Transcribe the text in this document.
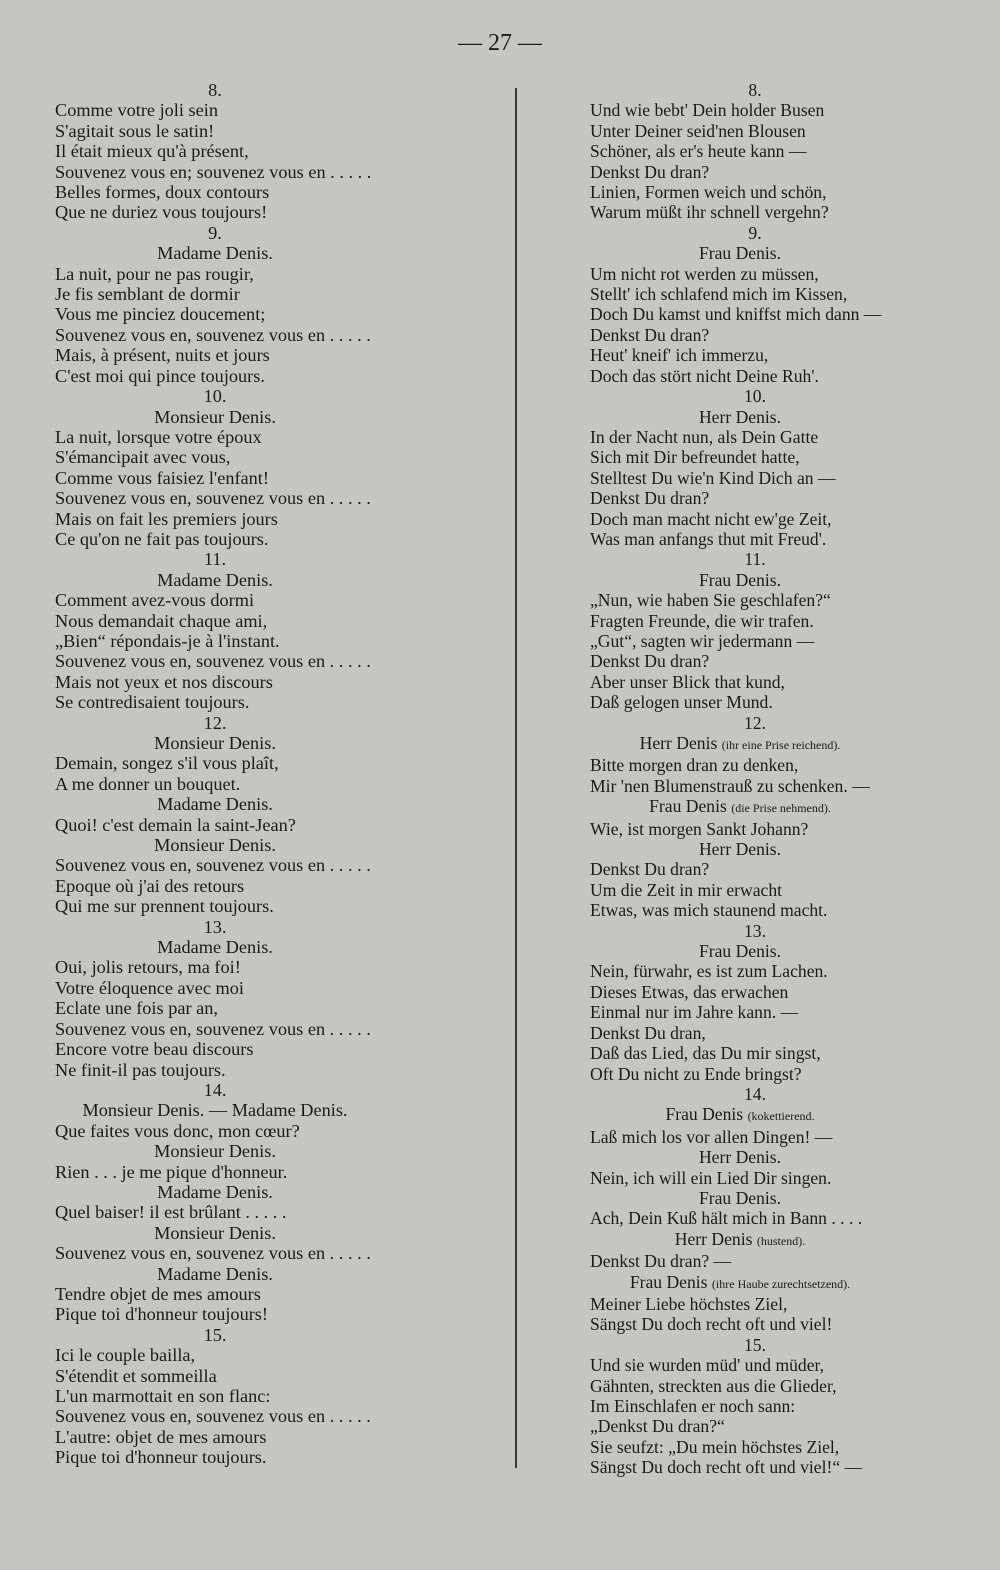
— 27 —
8.
Comme votre joli sein
S'agitait sous le satin!
Il était mieux qu'à présent,
Souvenez vous en; souvenez vous en . . . . .
Belles formes, doux contours
Que ne duriez vous toujours!
9.
Madame Denis.
La nuit, pour ne pas rougir,
Je fis semblant de dormir
Vous me pinciez doucement;
Souvenez vous en, souvenez vous en . . . . .
Mais, à présent, nuits et jours
C'est moi qui pince toujours.
10.
Monsieur Denis.
La nuit, lorsque votre époux
S'émancipait avec vous,
Comme vous faisiez l'enfant!
Souvenez vous en, souvenez vous en . . . . .
Mais on fait les premiers jours
Ce qu'on ne fait pas toujours.
11.
Madame Denis.
Comment avez-vous dormi
Nous demandait chaque ami,
„Bien“ répondais-je à l'instant.
Souvenez vous en, souvenez vous en . . . . .
Mais not yeux et nos discours
Se contredisaient toujours.
12.
Monsieur Denis.
Demain, songez s'il vous plaît,
A me donner un bouquet.
Madame Denis.
Quoi! c'est demain la saint-Jean?
Monsieur Denis.
Souvenez vous en, souvenez vous en . . . . .
Epoque où j'ai des retours
Qui me sur prennent toujours.
13.
Madame Denis.
Oui, jolis retours, ma foi!
Votre éloquence avec moi
Eclate une fois par an,
Souvenez vous en, souvenez vous en . . . . .
Encore votre beau discours
Ne finit-il pas toujours.
14.
Monsieur Denis. — Madame Denis.
Que faites vous donc, mon cœur?
Monsieur Denis.
Rien . . . je me pique d'honneur.
Madame Denis.
Quel baiser! il est brûlant . . . . .
Monsieur Denis.
Souvenez vous en, souvenez vous en . . . . .
Madame Denis.
Tendre objet de mes amours
Pique toi d'honneur toujours!
15.
Ici le couple bailla,
S'étendit et sommeilla
L'un marmottait en son flanc:
Souvenez vous en, souvenez vous en . . . . .
L'autre: objet de mes amours
Pique toi d'honneur toujours.
8.
Und wie bebt' Dein holder Busen
Unter Deiner seid'nen Blousen
Schöner, als er's heute kann —
Denkst Du dran?
Linien, Formen weich und schön,
Warum müßt ihr schnell vergehn?
9.
Frau Denis.
Um nicht rot werden zu müssen,
Stellt' ich schlafend mich im Kissen,
Doch Du kamst und kniffst mich dann —
Denkst Du dran?
Heut' kneif' ich immerzu,
Doch das stört nicht Deine Ruh'.
10.
Herr Denis.
In der Nacht nun, als Dein Gatte
Sich mit Dir befreundet hatte,
Stelltest Du wie'n Kind Dich an —
Denkst Du dran?
Doch man macht nicht ew'ge Zeit,
Was man anfangs thut mit Freud'.
11.
Frau Denis.
„Nun, wie haben Sie geschlafen?“
Fragten Freunde, die wir trafen.
„Gut“, sagten wir jedermann —
Denkst Du dran?
Aber unser Blick that kund,
Daß gelogen unser Mund.
12.
Herr Denis (ihr eine Prise reichend).
Bitte morgen dran zu denken,
Mir 'nen Blumenstrauß zu schenken. —
Frau Denis (die Prise nehmend).
Wie, ist morgen Sankt Johann?
Herr Denis.
Denkst Du dran?
Um die Zeit in mir erwacht
Etwas, was mich staunend macht.
13.
Frau Denis.
Nein, fürwahr, es ist zum Lachen.
Dieses Etwas, das erwachen
Einmal nur im Jahre kann. —
Denkst Du dran,
Daß das Lied, das Du mir singst,
Oft Du nicht zu Ende bringst?
14.
Frau Denis (kokettierend.
Laß mich los vor allen Dingen! —
Herr Denis.
Nein, ich will ein Lied Dir singen.
Frau Denis.
Ach, Dein Kuß hält mich in Bann . . . .
Herr Denis (hustend).
Denkst Du dran? —
Frau Denis (ihre Haube zurechtsetzend).
Meiner Liebe höchstes Ziel,
Sängst Du doch recht oft und viel!
15.
Und sie wurden müd' und müder,
Gähnten, streckten aus die Glieder,
Im Einschlafen er noch sann:
„Denkst Du dran?“
Sie seufzt: „Du mein höchstes Ziel,
Sängst Du doch recht oft und viel!“ —
